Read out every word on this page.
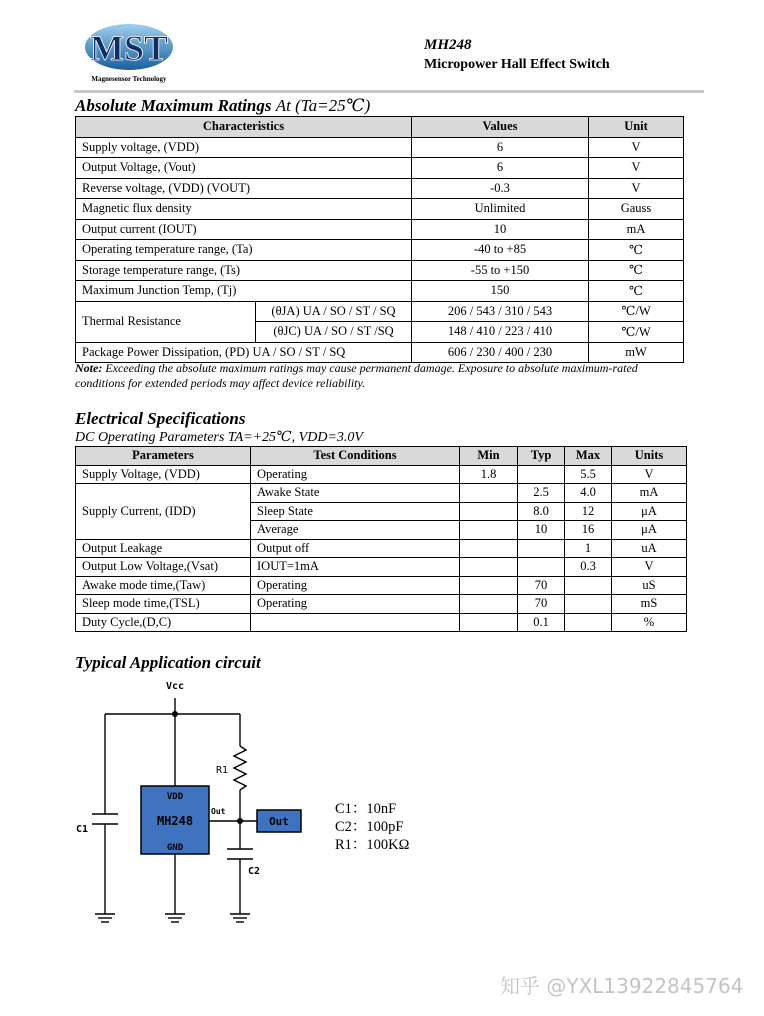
MST
Magnesensor Technology
MH248
Micropower Hall Effect Switch
Absolute Maximum Ratings At (Ta=25℃)
Characteristics		Values	Unit
Supply voltage, (VDD)		6	V
Output Voltage, (Vout)		6	V
Reverse voltage, (VDD) (VOUT)		-0.3	V
Magnetic flux density		Unlimited	Gauss
Output current (IOUT)		10	mA
Operating temperature range, (Ta)		-40 to +85	℃
Storage temperature range, (Ts)		-55 to +150	℃
Maximum Junction Temp, (Tj)		150	℃
Thermal Resistance	(θJA) UA / SO / ST / SQ	206 / 543 / 310 / 543	℃/W
	(θJC) UA / SO / ST /SQ	148 / 410 / 223 / 410	℃/W
Package Power Dissipation, (PD) UA / SO / ST / SQ		606 / 230 / 400 / 230	mW
Note: Exceeding the absolute maximum ratings may cause permanent damage. Exposure to absolute maximum-rated conditions for extended periods may affect device reliability.
Electrical Specifications
DC Operating Parameters TA=+25℃, VDD=3.0V
Parameters	Test Conditions	Min	Typ	Max	Units
Supply Voltage, (VDD)	Operating	1.8		5.5	V
Supply Current, (IDD)	Awake State		2.5	4.0	mA
	Sleep State		8.0	12	μA
	Average		10	16	μA
Output Leakage	Output off			1	uA
Output Low Voltage,(Vsat)	IOUT=1mA			0.3	V
Awake mode time,(Taw)	Operating		70		uS
Sleep mode time,(TSL)	Operating		70		mS
Duty Cycle,(D,C)			0.1		%
Typical Application circuit
Vcc
R1
C1
C2
VDD
MH248
GND
Out
Out
C1：10nF
C2：100pF
R1：100KΩ
知乎 @YXL13922845764
